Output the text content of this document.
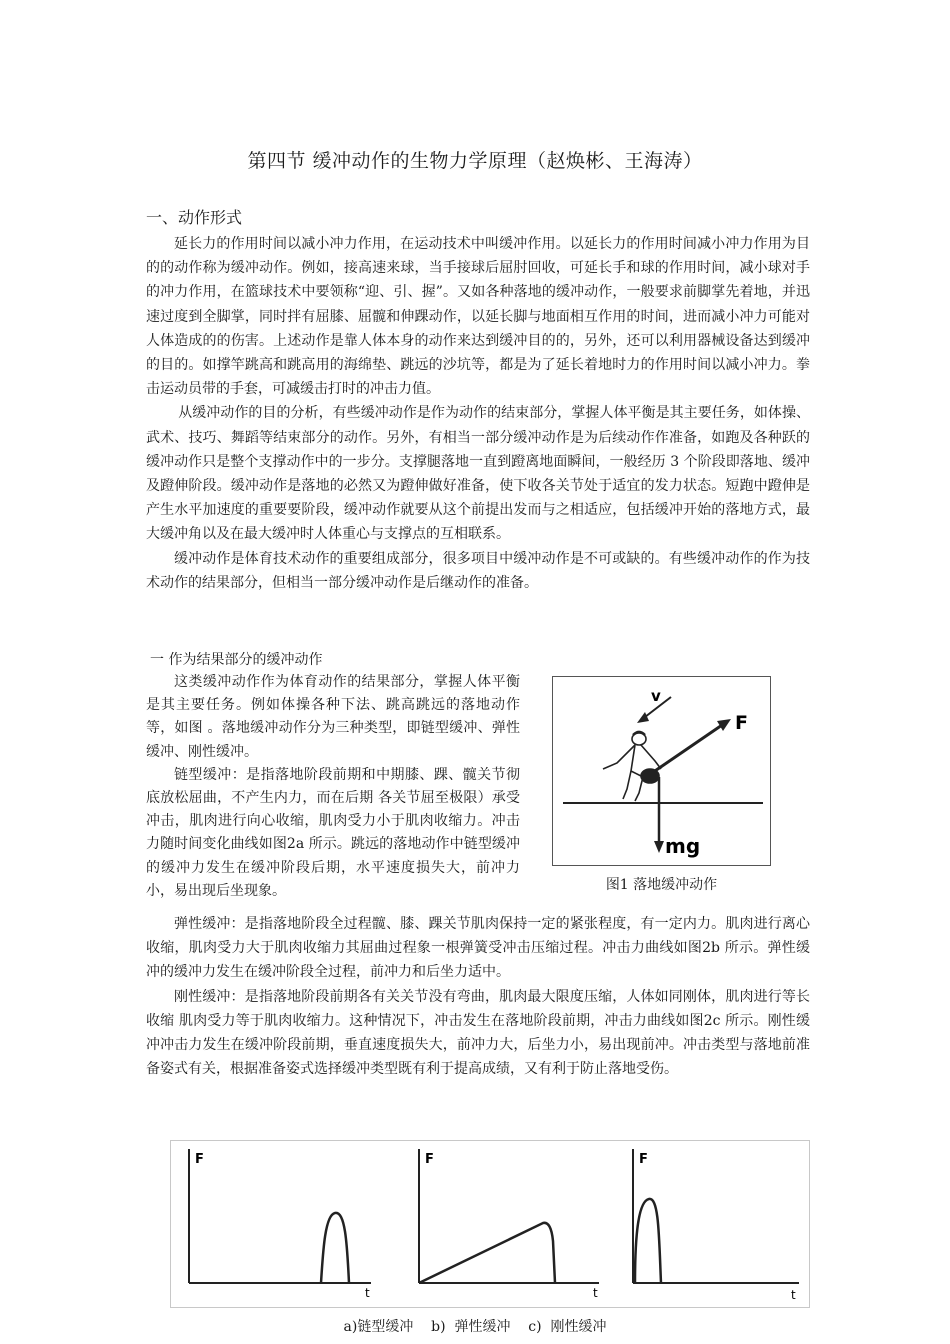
第四节 缓冲动作的生物力学原理（赵焕彬、王海涛）
一、动作形式

延长力的作用时间以减小冲力作用，在运动技术中叫缓冲作用。以延长力的作用时间减小冲力作用为目的的动作称为缓冲动作。例如，接高速来球，当手接球后屈肘回收，可延长手和球的作用时间，减小球对手的冲力作用，在篮球技术中要领称“迎、引、握”。又如各种落地的缓冲动作，一般要求前脚掌先着地，并迅速过度到全脚掌，同时拌有屈膝、屈髋和伸踝动作，以延长脚与地面相互作用的时间，进而减小冲力可能对人体造成的的伤害。上述动作是靠人体本身的动作来达到缓冲目的的，另外，还可以利用器械设备达到缓冲的目的。如撑竿跳高和跳高用的海绵垫、跳远的沙坑等，都是为了延长着地时力的作用时间以减小冲力。拳击运动员带的手套，可减缓击打时的冲击力值。

从缓冲动作的目的分析，有些缓冲动作是作为动作的结束部分，掌握人体平衡是其主要任务，如体操、武术、技巧、舞蹈等结束部分的动作。另外，有相当一部分缓冲动作是为后续动作作准备，如跑及各种跃的缓冲动作只是整个支撑动作中的一步分。支撑腿落地一直到蹬离地面瞬间，一般经历 3 个阶段即落地、缓冲及蹬伸阶段。缓冲动作是落地的必然又为蹬伸做好准备，使下收各关节处于适宜的发力状态。短跑中蹬伸是产生水平加速度的重要要阶段，缓冲动作就要从这个前提出发而与之相适应，包括缓冲开始的落地方式，最大缓冲角以及在最大缓冲时人体重心与支撑点的互相联系。

缓冲动作是体育技术动作的重要组成部分，很多项目中缓冲动作是不可或缺的。有些缓冲动作的作为技术动作的结果部分，但相当一部分缓冲动作是后继动作的准备。

一 作为结果部分的缓冲动作

这类缓冲动作作为体育动作的结果部分，掌握人体平衡是其主要任务。例如体操各种下法、跳高跳远的落地动作等，如图 。落地缓冲动作分为三种类型，即链型缓冲、弹性缓冲、刚性缓冲。

链型缓冲：是指落地阶段前期和中期膝、踝、髋关节彻底放松屈曲，不产生内力，而在后期 各关节屈至极限）承受冲击，肌肉进行向心收缩，肌肉受力小于肌肉收缩力。冲击力随时间变化曲线如图2a 所示。跳远的落地动作中链型缓冲的缓冲力发生在缓冲阶段后期，水平速度损失大，前冲力小，易出现后坐现象。

v
F
mg
图1 落地缓冲动作

弹性缓冲：是指落地阶段全过程髋、膝、踝关节肌肉保持一定的紧张程度，有一定内力。肌肉进行离心收缩，肌肉受力大于肌肉收缩力其屈曲过程象一根弹簧受冲击压缩过程。冲击力曲线如图2b 所示。弹性缓冲的缓冲力发生在缓冲阶段全过程，前冲力和后坐力适中。

刚性缓冲：是指落地阶段前期各有关关节没有弯曲，肌肉最大限度压缩，人体如同刚体，肌肉进行等长收缩 肌肉受力等于肌肉收缩力。这种情况下，冲击发生在落地阶段前期，冲击力曲线如图2c 所示。刚性缓冲冲击力发生在缓冲阶段前期，垂直速度损失大，前冲力大，后坐力小，易出现前冲。冲击类型与落地前准备姿式有关，根据准备姿式选择缓冲类型既有利于提高成绩，又有利于防止落地受伤。

F
t
F
t
F
t
a)链型缓冲    b)  弹性缓冲    c)  刚性缓冲
